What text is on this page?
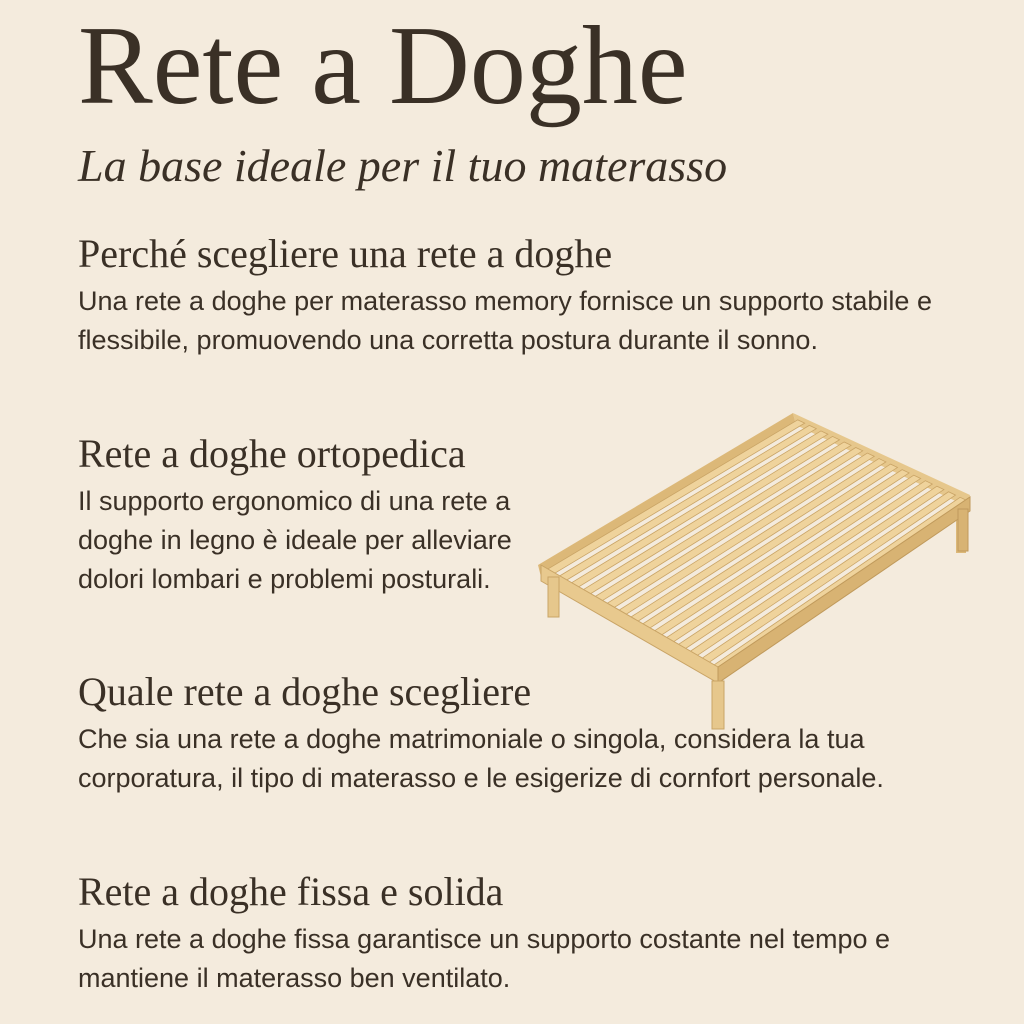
Rete a Doghe
La base ideale per il tuo materasso
Perché scegliere una rete a doghe

Una rete a doghe per materasso memory fornisce un supporto stabile e flessibile, promuovendo una corretta postura durante il sonno.

Rete a doghe ortopedica

Il supporto ergonomico di una rete a doghe in legno è ideale per alleviare dolori lombari e problemi posturali.

Quale rete a doghe scegliere

Che sia una rete a doghe matrimoniale o singola, considera la tua corporatura, il tipo di materasso e le esigerize di cornfort personale.

Rete a doghe fissa e solida

Una rete a doghe fissa garantisce un supporto costante nel tempo e mantiene il materasso ben ventilato.
